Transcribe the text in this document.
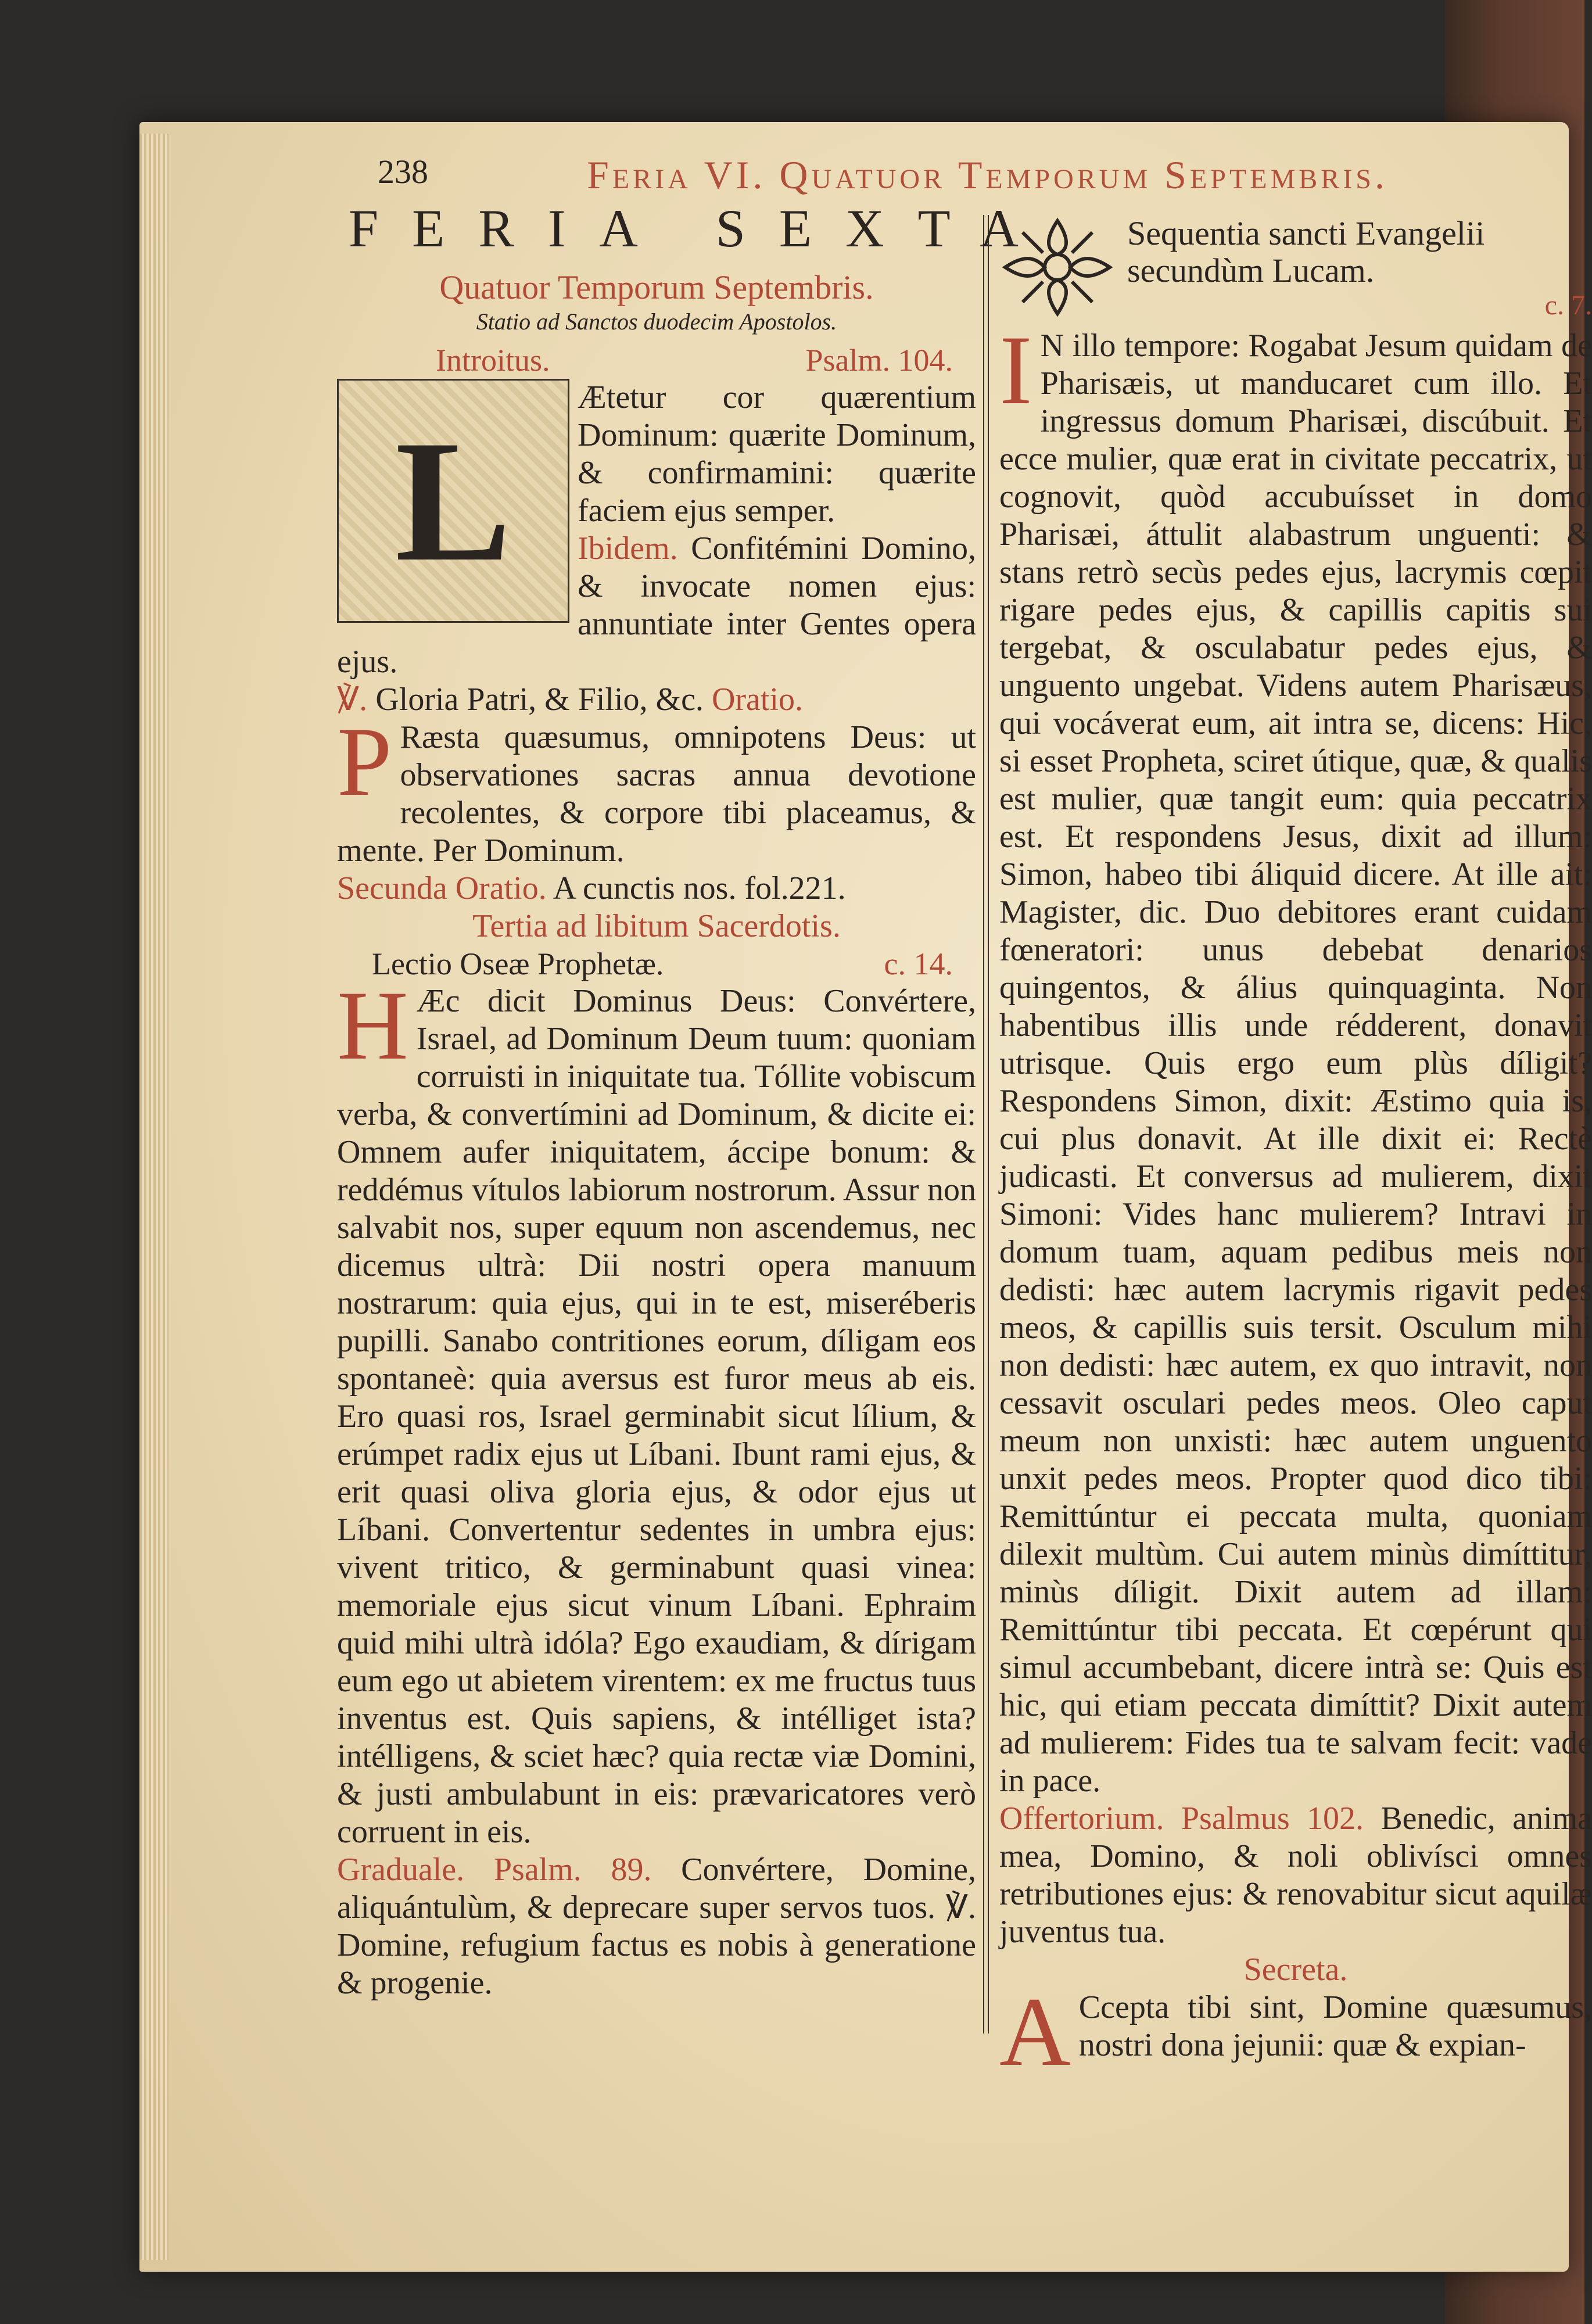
238	Feria VI. Quatuor Temporum Septembris.
FERIA SEXTA

Quatuor Temporum Septembris.

Statio ad Sanctos duodecim Apostolos.

Introitus.	Psalm. 104.
L

Ætetur cor quærentium Dominum: quærite Dominum, & confirmamini: quærite faciem ejus semper.

Ibidem. Confitémini Domino, & invocate nomen ejus: annuntiate inter Gentes opera ejus.

℣. Gloria Patri, & Filio, &c. Oratio.

P Ræsta quæsumus, omnipotens Deus: ut observationes sacras annua devotione recolentes, & corpore tibi placeamus, & mente. Per Dominum.

Secunda Oratio. A cunctis nos. fol.221.

Tertia ad libitum Sacerdotis.

Lectio Oseæ Prophetæ.	c. 14.
H Æc dicit Dominus Deus: Convértere, Israel, ad Dominum Deum tuum: quoniam corruisti in iniquitate tua. Tóllite vobiscum verba, & convertímini ad Dominum, & dicite ei: Omnem aufer iniquitatem, áccipe bonum: & reddémus vítulos labiorum nostrorum. Assur non salvabit nos, super equum non ascendemus, nec dicemus ultrà: Dii nostri opera manuum nostrarum: quia ejus, qui in te est, miseréberis pupilli. Sanabo contritiones eorum, díligam eos spontaneè: quia aversus est furor meus ab eis. Ero quasi ros, Israel germinabit sicut lílium, & erúmpet radix ejus ut Líbani. Ibunt rami ejus, & erit quasi oliva gloria ejus, & odor ejus ut Líbani. Convertentur sedentes in umbra ejus: vivent tritico, & germinabunt quasi vinea: memoriale ejus sicut vinum Líbani. Ephraim quid mihi ultrà idóla? Ego exaudiam, & dírigam eum ego ut abietem virentem: ex me fructus tuus inventus est. Quis sapiens, & intélliget ista? intélligens, & sciet hæc? quia rectæ viæ Domini, & justi ambulabunt in eis: prævaricatores verò corruent in eis.

Graduale. Psalm. 89. Convértere, Domine, aliquántulùm, & deprecare super servos tuos. ℣. Domine, refugium factus es nobis à generatione & progenie.

Sequentia sancti Evangelii secundùm Lucam.

c. 7.

I N illo tempore: Rogabat Jesum quidam de Pharisæis, ut manducaret cum illo. Et ingressus domum Pharisæi, discúbuit. Et ecce mulier, quæ erat in civitate peccatrix, ut cognovit, quòd accubuísset in domo Pharisæi, áttulit alabastrum unguenti: & stans retrò secùs pedes ejus, lacrymis cœpit rigare pedes ejus, & capillis capitis sui tergebat, & osculabatur pedes ejus, & unguento ungebat. Videns autem Pharisæus, qui vocáverat eum, ait intra se, dicens: Hic, si esset Propheta, sciret útique, quæ, & qualis est mulier, quæ tangit eum: quia peccatrix est. Et respondens Jesus, dixit ad illum: Simon, habeo tibi áliquid dicere. At ille ait: Magister, dic. Duo debitores erant cuidam fœneratori: unus debebat denarios quingentos, & álius quinquaginta. Non habentibus illis unde rédderent, donavit utrisque. Quis ergo eum plùs díligit? Respondens Simon, dixit: Æstimo quia is, cui plus donavit. At ille dixit ei: Rectè judicasti. Et conversus ad mulierem, dixit Simoni: Vides hanc mulierem? Intravi in domum tuam, aquam pedibus meis non dedisti: hæc autem lacrymis rigavit pedes meos, & capillis suis tersit. Osculum mihi non dedisti: hæc autem, ex quo intravit, non cessavit osculari pedes meos. Oleo caput meum non unxisti: hæc autem unguento unxit pedes meos. Propter quod dico tibi: Remittúntur ei peccata multa, quoniam dilexit multùm. Cui autem minùs dimíttitur, minùs díligit. Dixit autem ad illam: Remittúntur tibi peccata. Et cœpérunt qui simul accumbebant, dicere intrà se: Quis est hic, qui etiam peccata dimíttit? Dixit autem ad mulierem: Fides tua te salvam fecit: vade in pace.

Offertorium. Psalmus 102. Benedic, anima mea, Domino, & noli oblivísci omnes retributiones ejus: & renovabitur sicut aquilæ juventus tua.

Secreta.

A Ccepta tibi sint, Domine quæsumus, nostri dona jejunii: quæ & expian-
